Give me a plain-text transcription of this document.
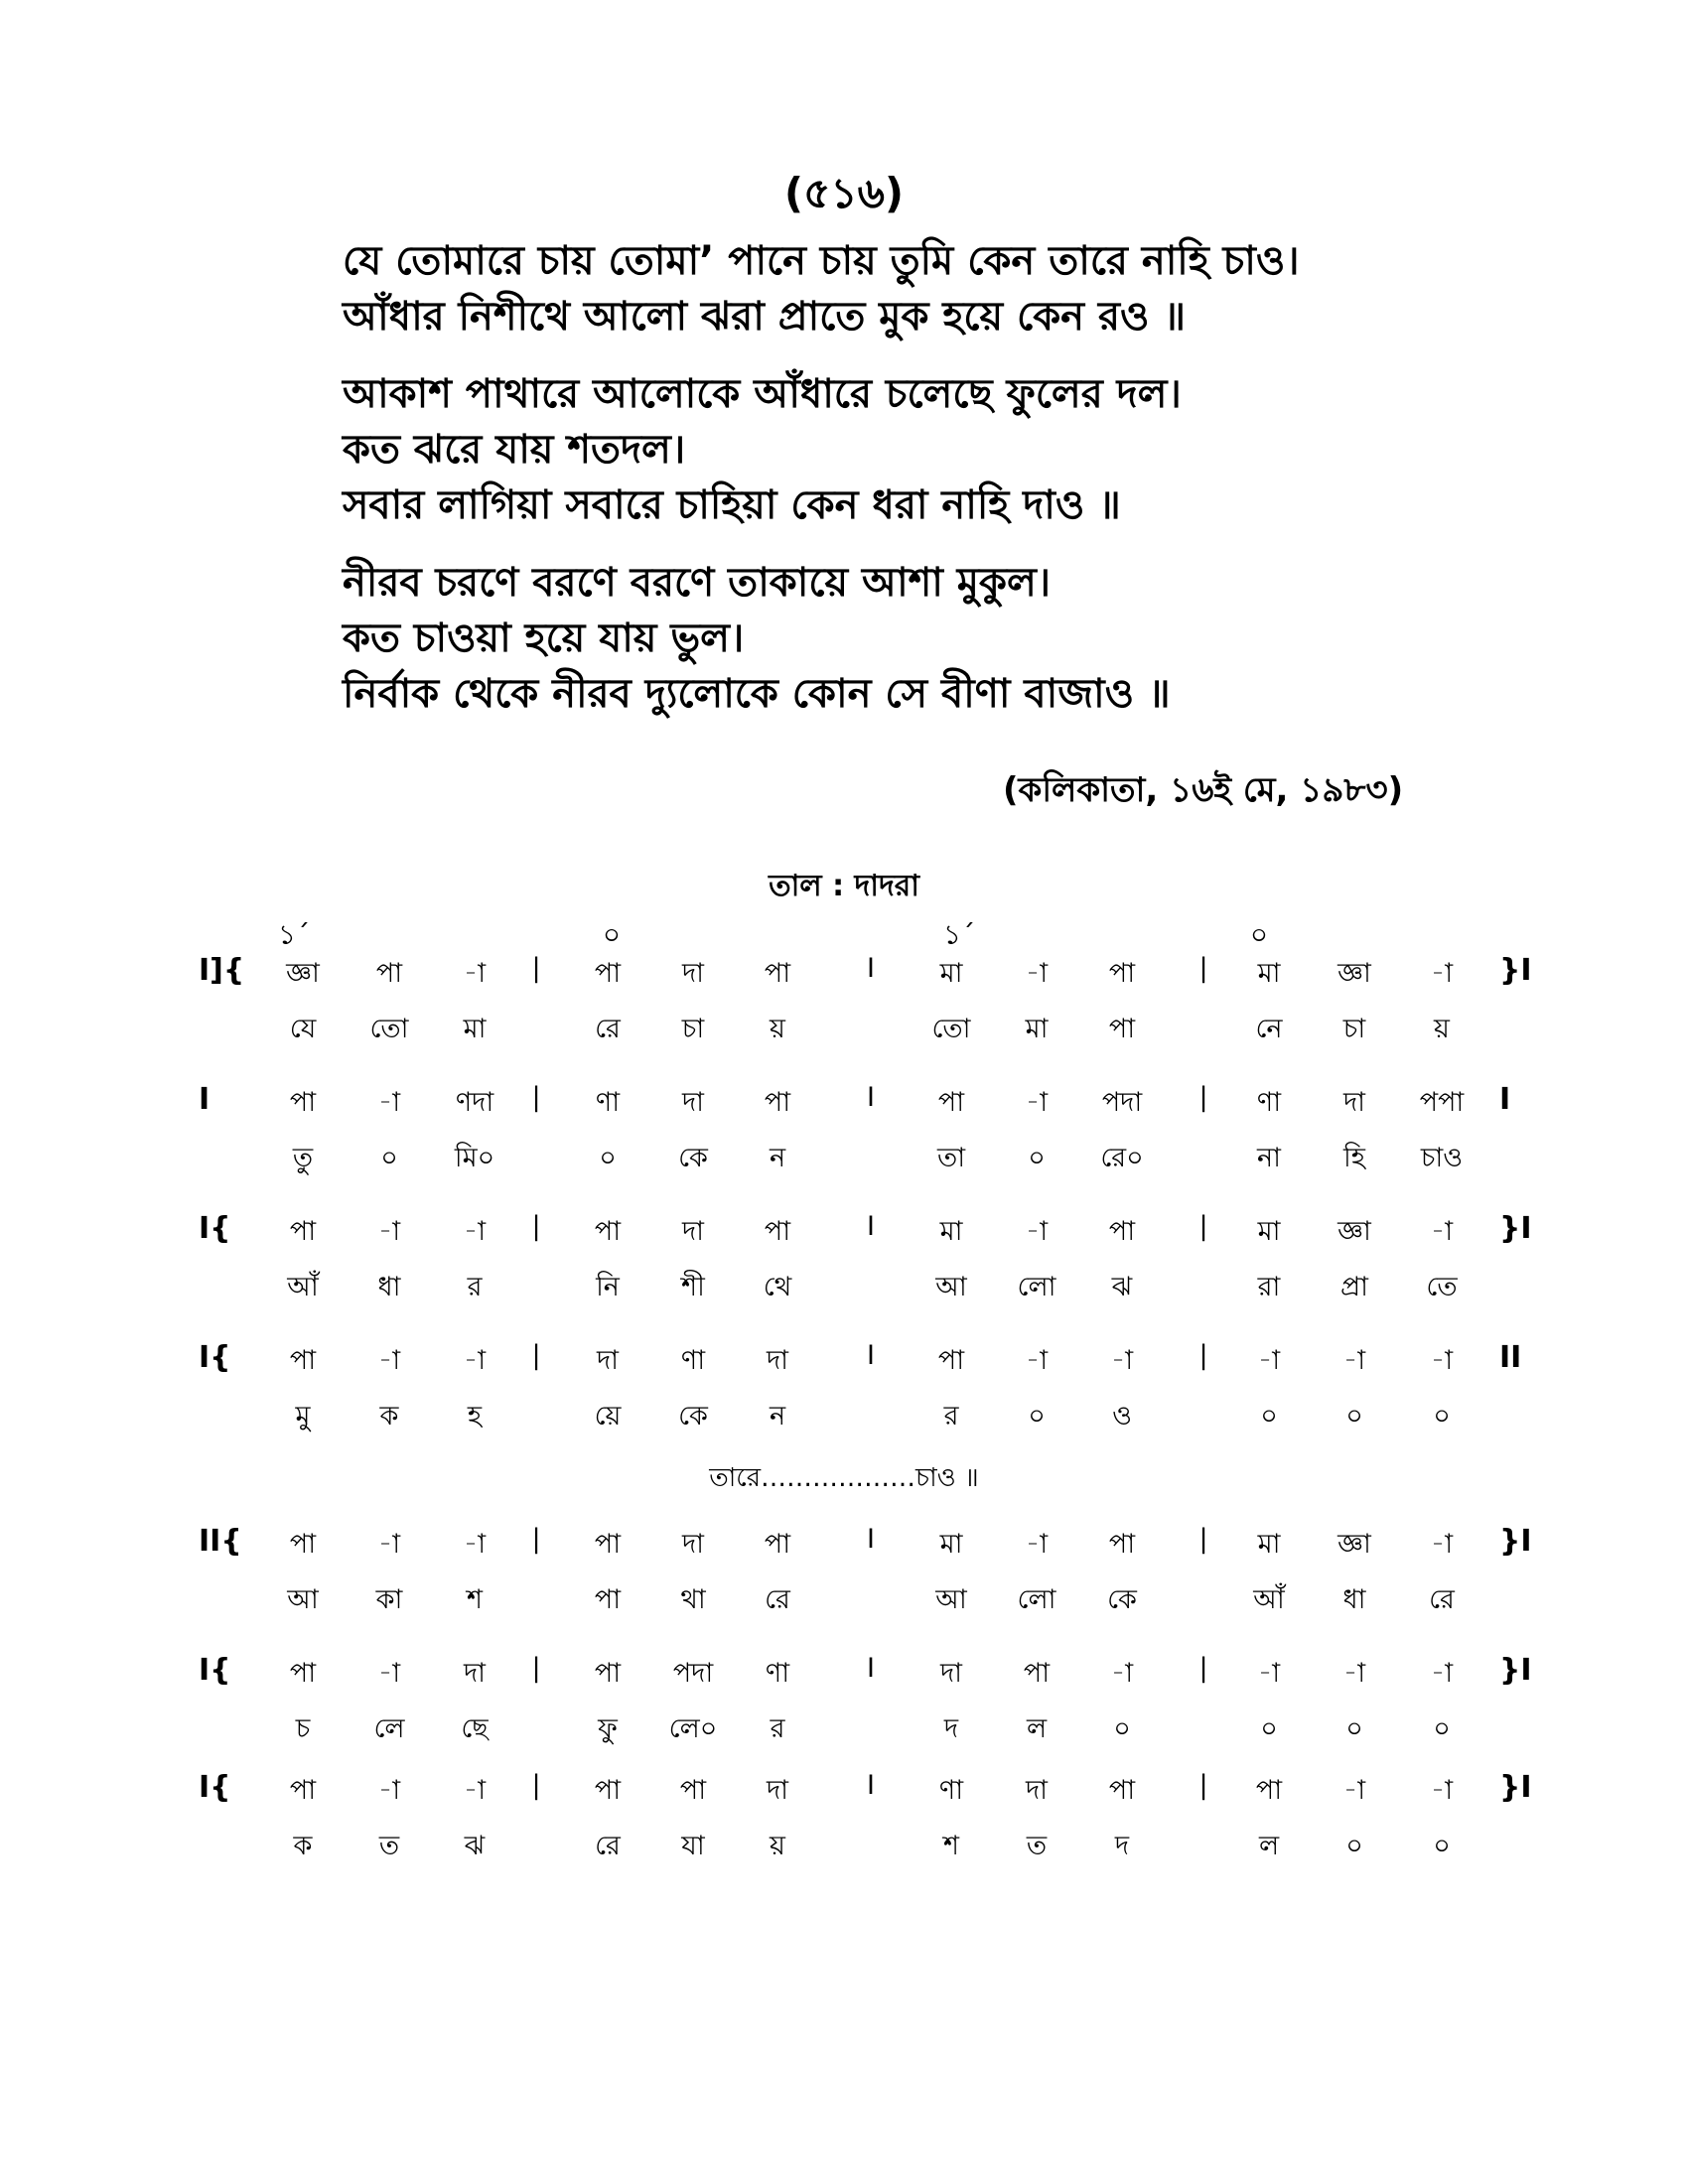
(৫১৬)
যে তোমারে চায় তোমা’ পানে চায় তুমি কেন তারে নাহি চাও।
আঁধার নিশীথে আলো ঝরা প্রাতে মুক হয়ে কেন রও ॥
আকাশ পাথারে আলোকে আঁধারে চলেছে ফুলের দল।
কত ঝরে যায় শতদল।
সবার লাগিয়া সবারে চাহিয়া কেন ধরা নাহি দাও ॥
নীরব চরণে বরণে বরণে তাকায়ে আশা মুকুল।
কত চাওয়া হয়ে যায় ভুল।
নির্বাক থেকে নীরব দ্যুলোকে কোন সে বীণা বাজাও ॥
(কলিকাতা, ১৬ই মে, ১৯৮৩)
তাল : দাদরা
১´	০	১´	০
I]{	}I
|	I	|
জ্ঞা	পা	-া	পা	দা	পা	মা	-া	পা	মা	জ্ঞা	-া
যে	তো	মা	রে	চা	য়	তো	মা	পা	নে	চা	য়
I	I
|	I	|
পা	-া	ণদা	ণা	দা	পা	পা	-া	পদা	ণা	দা	পপা
তু	০	মি০	০	কে	ন	তা	০	রে০	না	হি	চাও
I{	}I
|	I	|
পা	-া	-া	পা	দা	পা	মা	-া	পা	মা	জ্ঞা	-া
আঁ	ধা	র	নি	শী	থে	আ	লো	ঝ	রা	প্রা	তে
I{	II
|	I	|
পা	-া	-া	দা	ণা	দা	পা	-া	-া	-া	-া	-া
মু	ক	হ	য়ে	কে	ন	র	০	ও	০	০	০
তারে………………চাও ॥
II{	}I
|	I	|
পা	-া	-া	পা	দা	পা	মা	-া	পা	মা	জ্ঞা	-া
আ	কা	শ	পা	থা	রে	আ	লো	কে	আঁ	ধা	রে
I{	}I
|	I	|
পা	-া	দা	পা	পদা	ণা	দা	পা	-া	-া	-া	-া
চ	লে	ছে	ফু	লে০	র	দ	ল	০	০	০	০
I{	}I
|	I	|
পা	-া	-া	পা	পা	দা	ণা	দা	পা	পা	-া	-া
ক	ত	ঝ	রে	যা	য়	শ	ত	দ	ল	০	০
